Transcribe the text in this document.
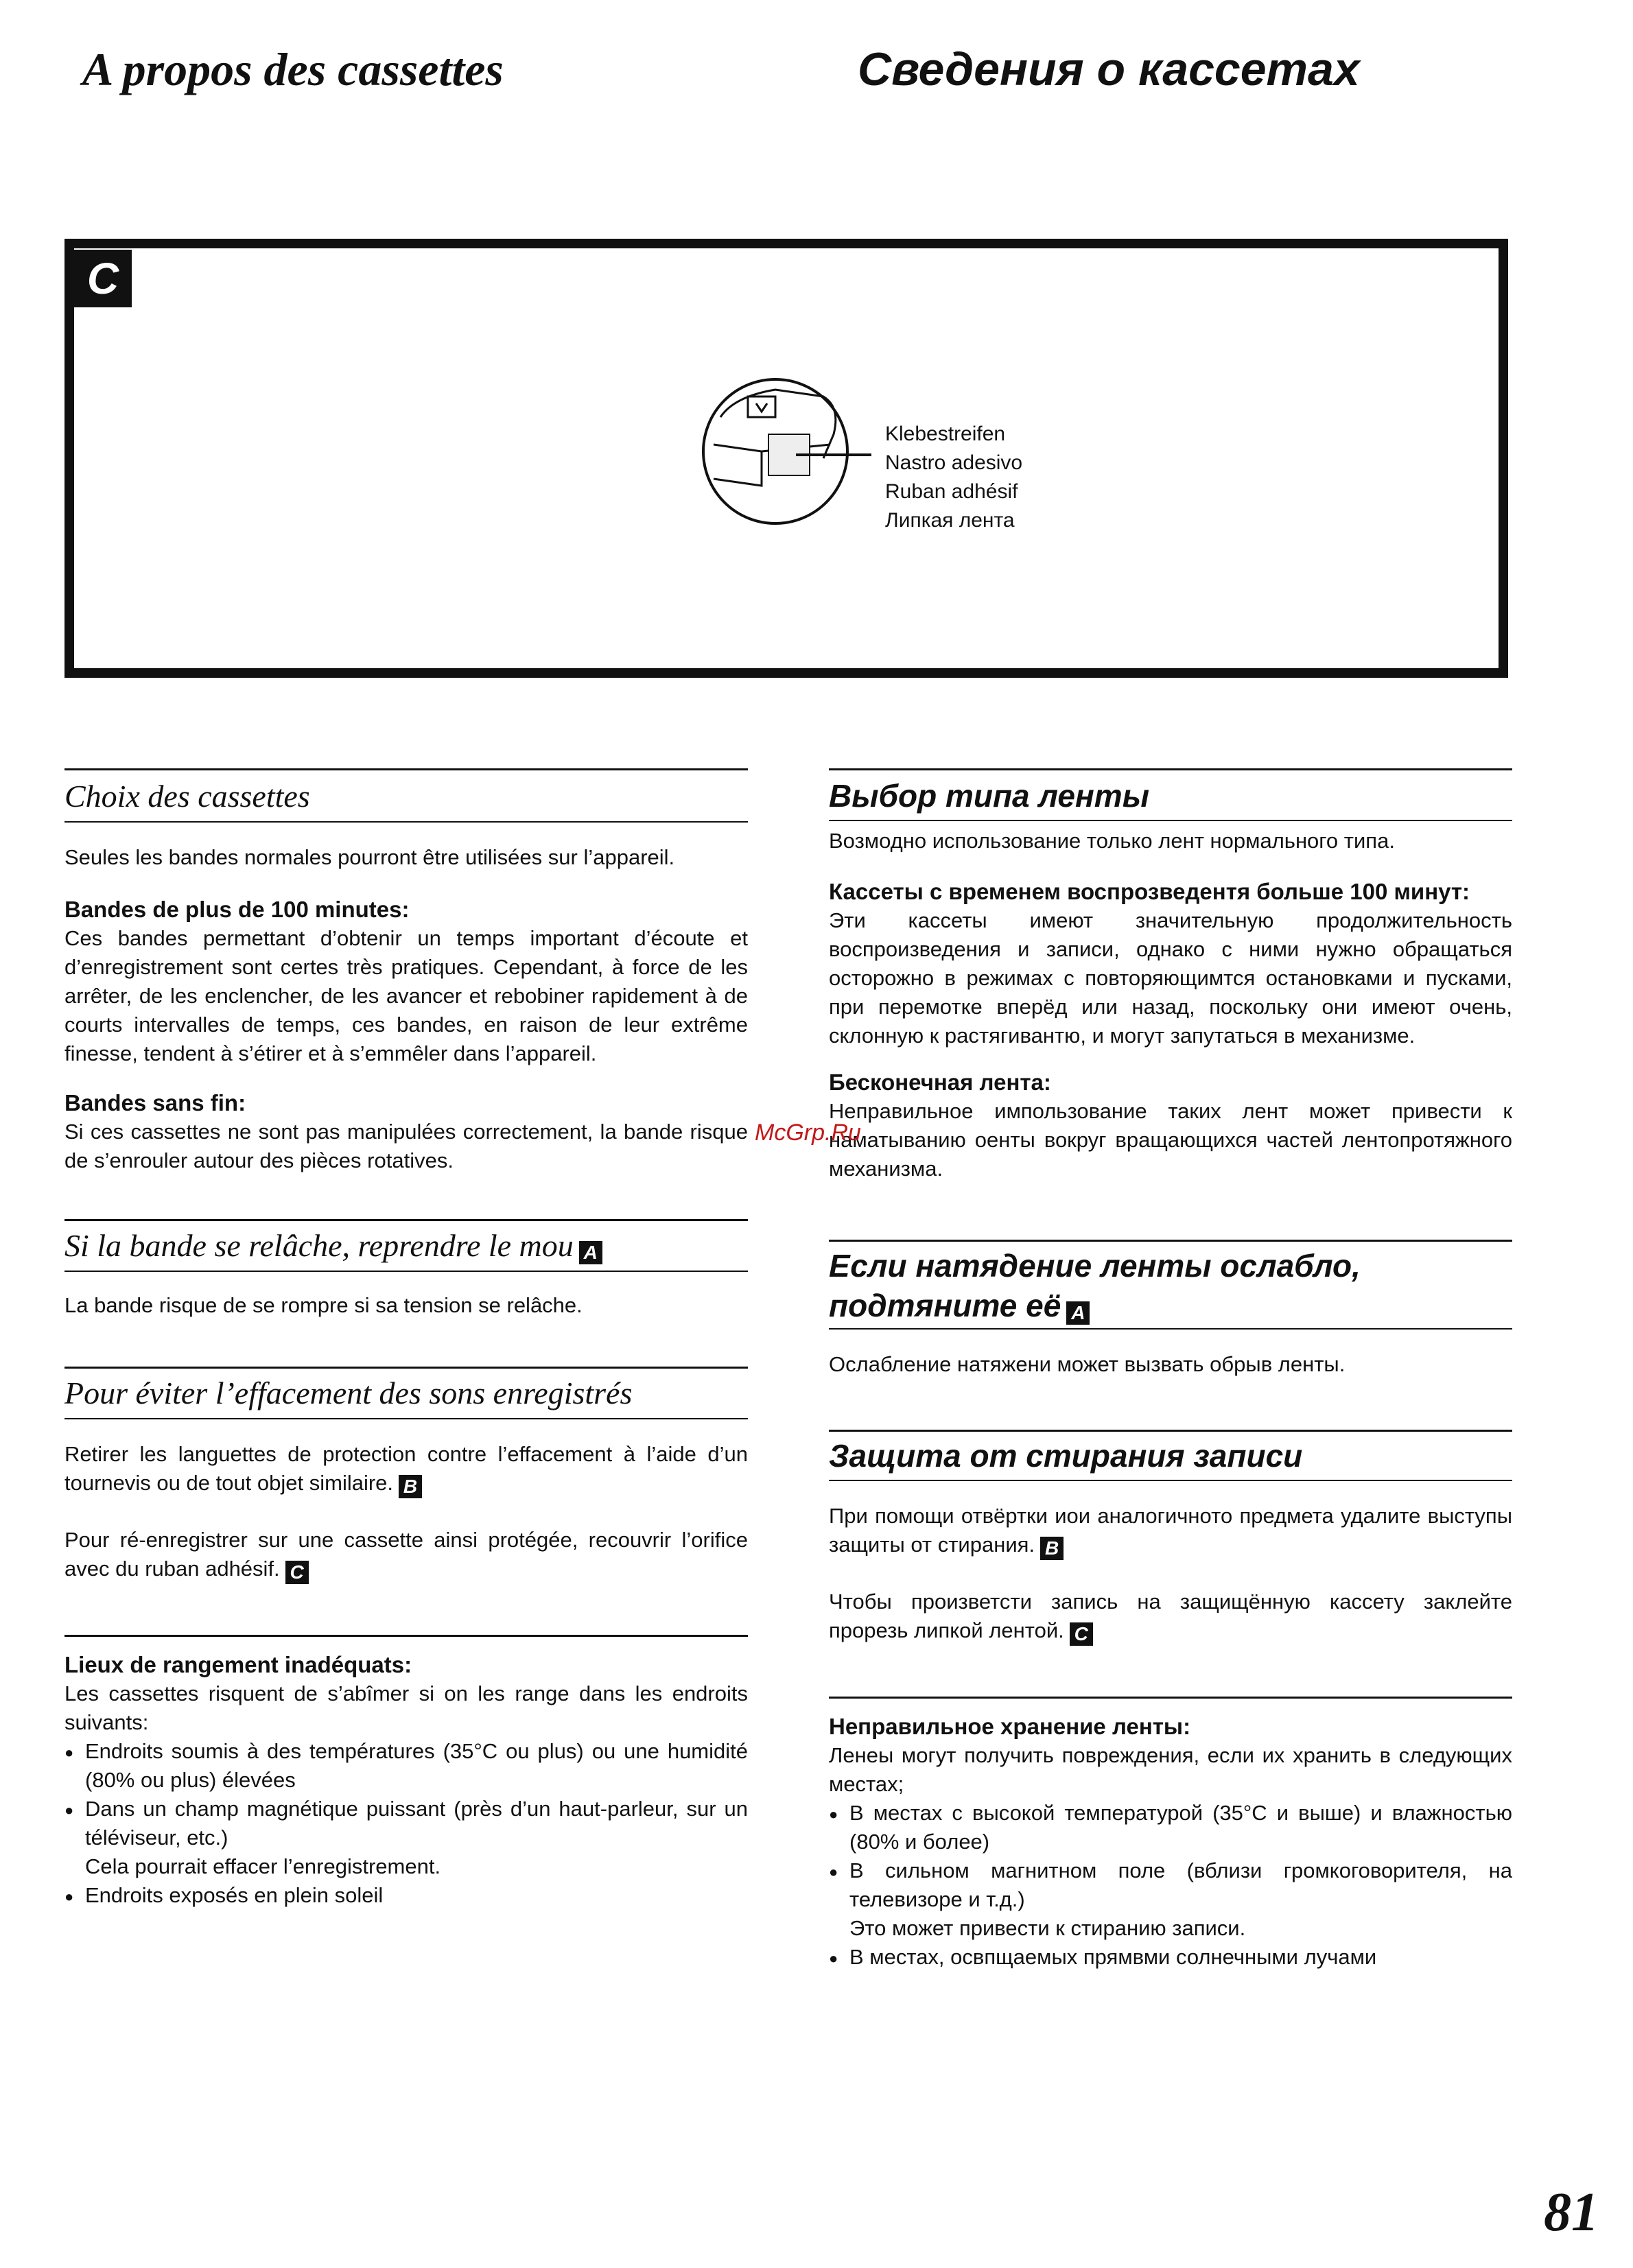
A propos des cassettes	Сведения о кассетах
C
Klebestreifen
Nastro adesivo
Ruban adhésif
Липкая лента
Choix des cassettes
Seules les bandes normales pourront être utilisées sur l’appareil.
Bandes de plus de 100 minutes:
Ces bandes permettant d’obtenir un temps important d’écoute et d’enregistrement sont certes très pratiques. Cependant, à force de les arrêter, de les enclencher, de les avancer et rebobiner rapidement à de courts intervalles de temps, ces bandes, en raison de leur extrême finesse, tendent à s’étirer et à s’emmêler dans l’appareil.
Bandes sans fin:
Si ces cassettes ne sont pas manipulées correctement, la bande risque de s’enrouler autour des pièces rotatives.
Si la bande se relâche, reprendre le mou A
La bande risque de se rompre si sa tension se relâche.
Pour éviter l’effacement des sons enregistrés
Retirer les languettes de protection contre l’effacement à l’aide d’un tournevis ou de tout objet similaire. B
Pour ré-enregistrer sur une cassette ainsi protégée, recouvrir l’orifice avec du ruban adhésif. C
Lieux de rangement inadéquats:
Les cassettes risquent de s’abîmer si on les range dans les endroits suivants:
● Endroits soumis à des températures (35°C ou plus) ou une humidité (80% ou plus) élevées
● Dans un champ magnétique puissant (près d’un haut-parleur, sur un téléviseur, etc.)
Cela pourrait effacer l’enregistrement.
● Endroits exposés en plein soleil
Выбор типа ленты
Возмодно использование только лент нормального типа.
Кассеты с временем воспрозведентя больше 100 минут:
Эти кассеты имеют значительную продолжительность воспроизведения и записи, однако с ними нужно обращаться осторожно в режимах с повторяющимтся остановками и пусками, при перемотке вперёд или назад, поскольку они имеют очень, склонную к растягивантю, и могут запутаться в механизме.
Бесконечная лента:
Неправильное импользование таких лент может привести к наматыванию оенты вокруг вращающихся частей лентопротяжного механизма.
Если натядение ленты ослабло,
подтяните её A
Ослабление натяжени может вызвать обрыв ленты.
Защита от стирания записи
При помощи отвёртки иои аналогичното предмета удалите выступы защиты от стирания. B
Чтобы произветсти запись на защищённую кассету заклейте прорезь липкой лентой. C
Неправильное хранение ленты:
Ленеы могут получить повреждения, если их хранить в следующих местах;
● В местах с высокой температурой (35°C и выше) и влажностью (80% и более)
● В сильном магнитном поле (вблизи громкоговорителя, на телевизоре и т.д.)
Это может привести к стиранию записи.
● В местах, освпщаемых прямвми солнечными лучами
McGrp.Ru
81
